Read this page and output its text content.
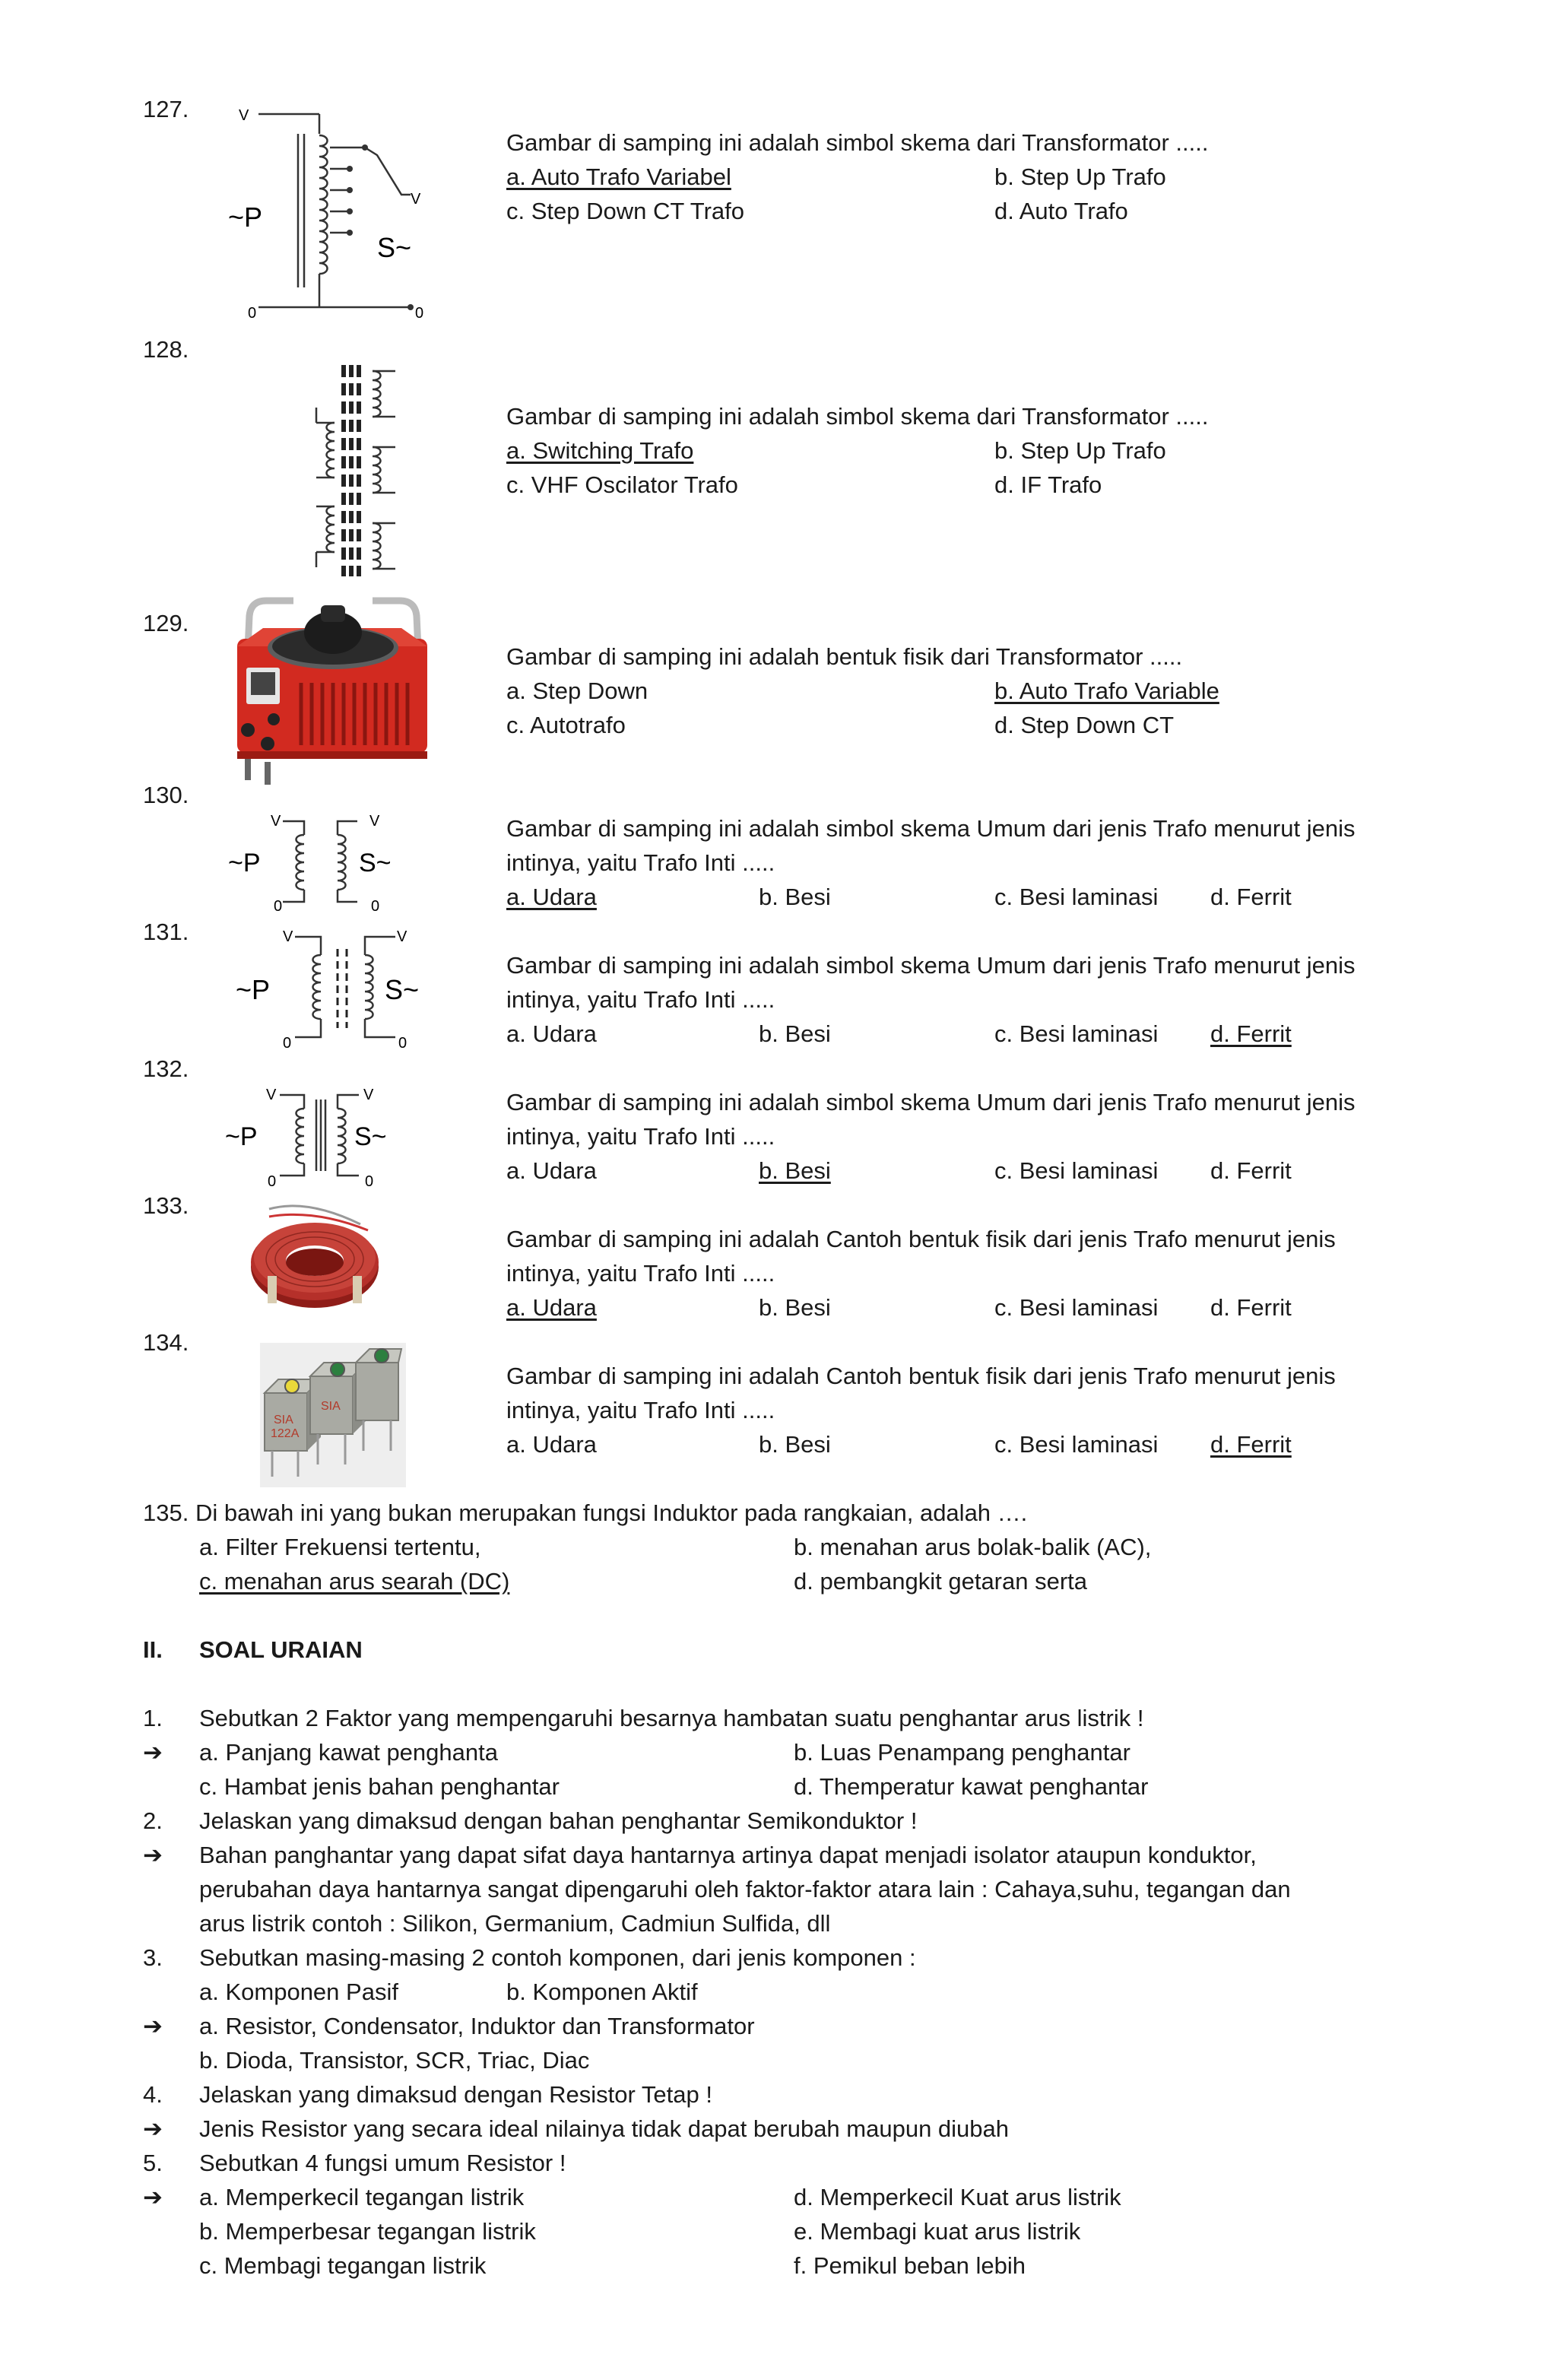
127.	V
V
~P
S~
0	0
Gambar di samping ini adalah simbol skema dari Transformator .....
a. Auto Trafo Variabel	b. Step Up Trafo
c. Step Down CT Trafo	d. Auto Trafo
128.
Gambar di samping ini adalah simbol skema dari Transformator .....
a. Switching Trafo	b. Step Up Trafo
c. VHF Oscilator Trafo	d. IF Trafo
129.
Gambar di samping ini adalah bentuk fisik dari Transformator .....
a. Step Down	b. Auto Trafo Variable
c. Autotrafo	d. Step Down CT
130.
V	V
~P	S~
0	0
Gambar di samping ini adalah simbol skema Umum dari jenis Trafo menurut jenis
intinya, yaitu Trafo Inti .....
a. Udara	b. Besi	c. Besi laminasi d. Ferrit
131.	V	V
~P	S~
0	0
Gambar di samping ini adalah simbol skema Umum dari jenis Trafo menurut jenis
intinya, yaitu Trafo Inti .....
a. Udara	b. Besi	c. Besi laminasi d. Ferrit
132.
V	V
~P	S~
0	0
Gambar di samping ini adalah simbol skema Umum dari jenis Trafo menurut jenis
intinya, yaitu Trafo Inti .....
a. Udara	b. Besi	c. Besi laminasi d. Ferrit
133.
Gambar di samping ini adalah Cantoh bentuk fisik dari jenis Trafo menurut jenis
intinya, yaitu Trafo Inti .....
a. Udara	b. Besi	c. Besi laminasi d. Ferrit
134.
SIA
122A
SIA
Gambar di samping ini adalah Cantoh bentuk fisik dari jenis Trafo menurut jenis
intinya, yaitu Trafo Inti .....
a. Udara	b. Besi	c. Besi laminasi d. Ferrit
135. Di bawah ini yang bukan merupakan fungsi Induktor pada rangkaian, adalah ….
a. Filter Frekuensi tertentu,	b. menahan arus bolak-balik (AC),
c. menahan arus searah (DC)	d. pembangkit getaran serta
II. SOAL URAIAN
1. Sebutkan 2 Faktor yang mempengaruhi besarnya hambatan suatu penghantar arus listrik !
➔ a. Panjang kawat penghanta	b. Luas Penampang penghantar
c. Hambat jenis bahan penghantar	d. Themperatur kawat penghantar
2. Jelaskan yang dimaksud dengan bahan penghantar Semikonduktor !
➔ Bahan panghantar yang dapat sifat daya hantarnya artinya dapat menjadi isolator ataupun konduktor,
perubahan daya hantarnya sangat dipengaruhi oleh faktor-faktor atara lain : Cahaya,suhu, tegangan dan
arus listrik contoh : Silikon, Germanium, Cadmiun Sulfida, dll
3. Sebutkan masing-masing 2 contoh komponen, dari jenis komponen :
a. Komponen Pasif	b. Komponen Aktif
➔ a. Resistor, Condensator, Induktor dan Transformator
b. Dioda, Transistor, SCR, Triac, Diac
4. Jelaskan yang dimaksud dengan Resistor Tetap !
➔ Jenis Resistor yang secara ideal nilainya tidak dapat berubah maupun diubah
5. Sebutkan 4 fungsi umum Resistor !
➔ a. Memperkecil tegangan listrik	d. Memperkecil Kuat arus listrik
b. Memperbesar tegangan listrik	e. Membagi kuat arus listrik
c. Membagi tegangan listrik	f. Pemikul beban lebih
